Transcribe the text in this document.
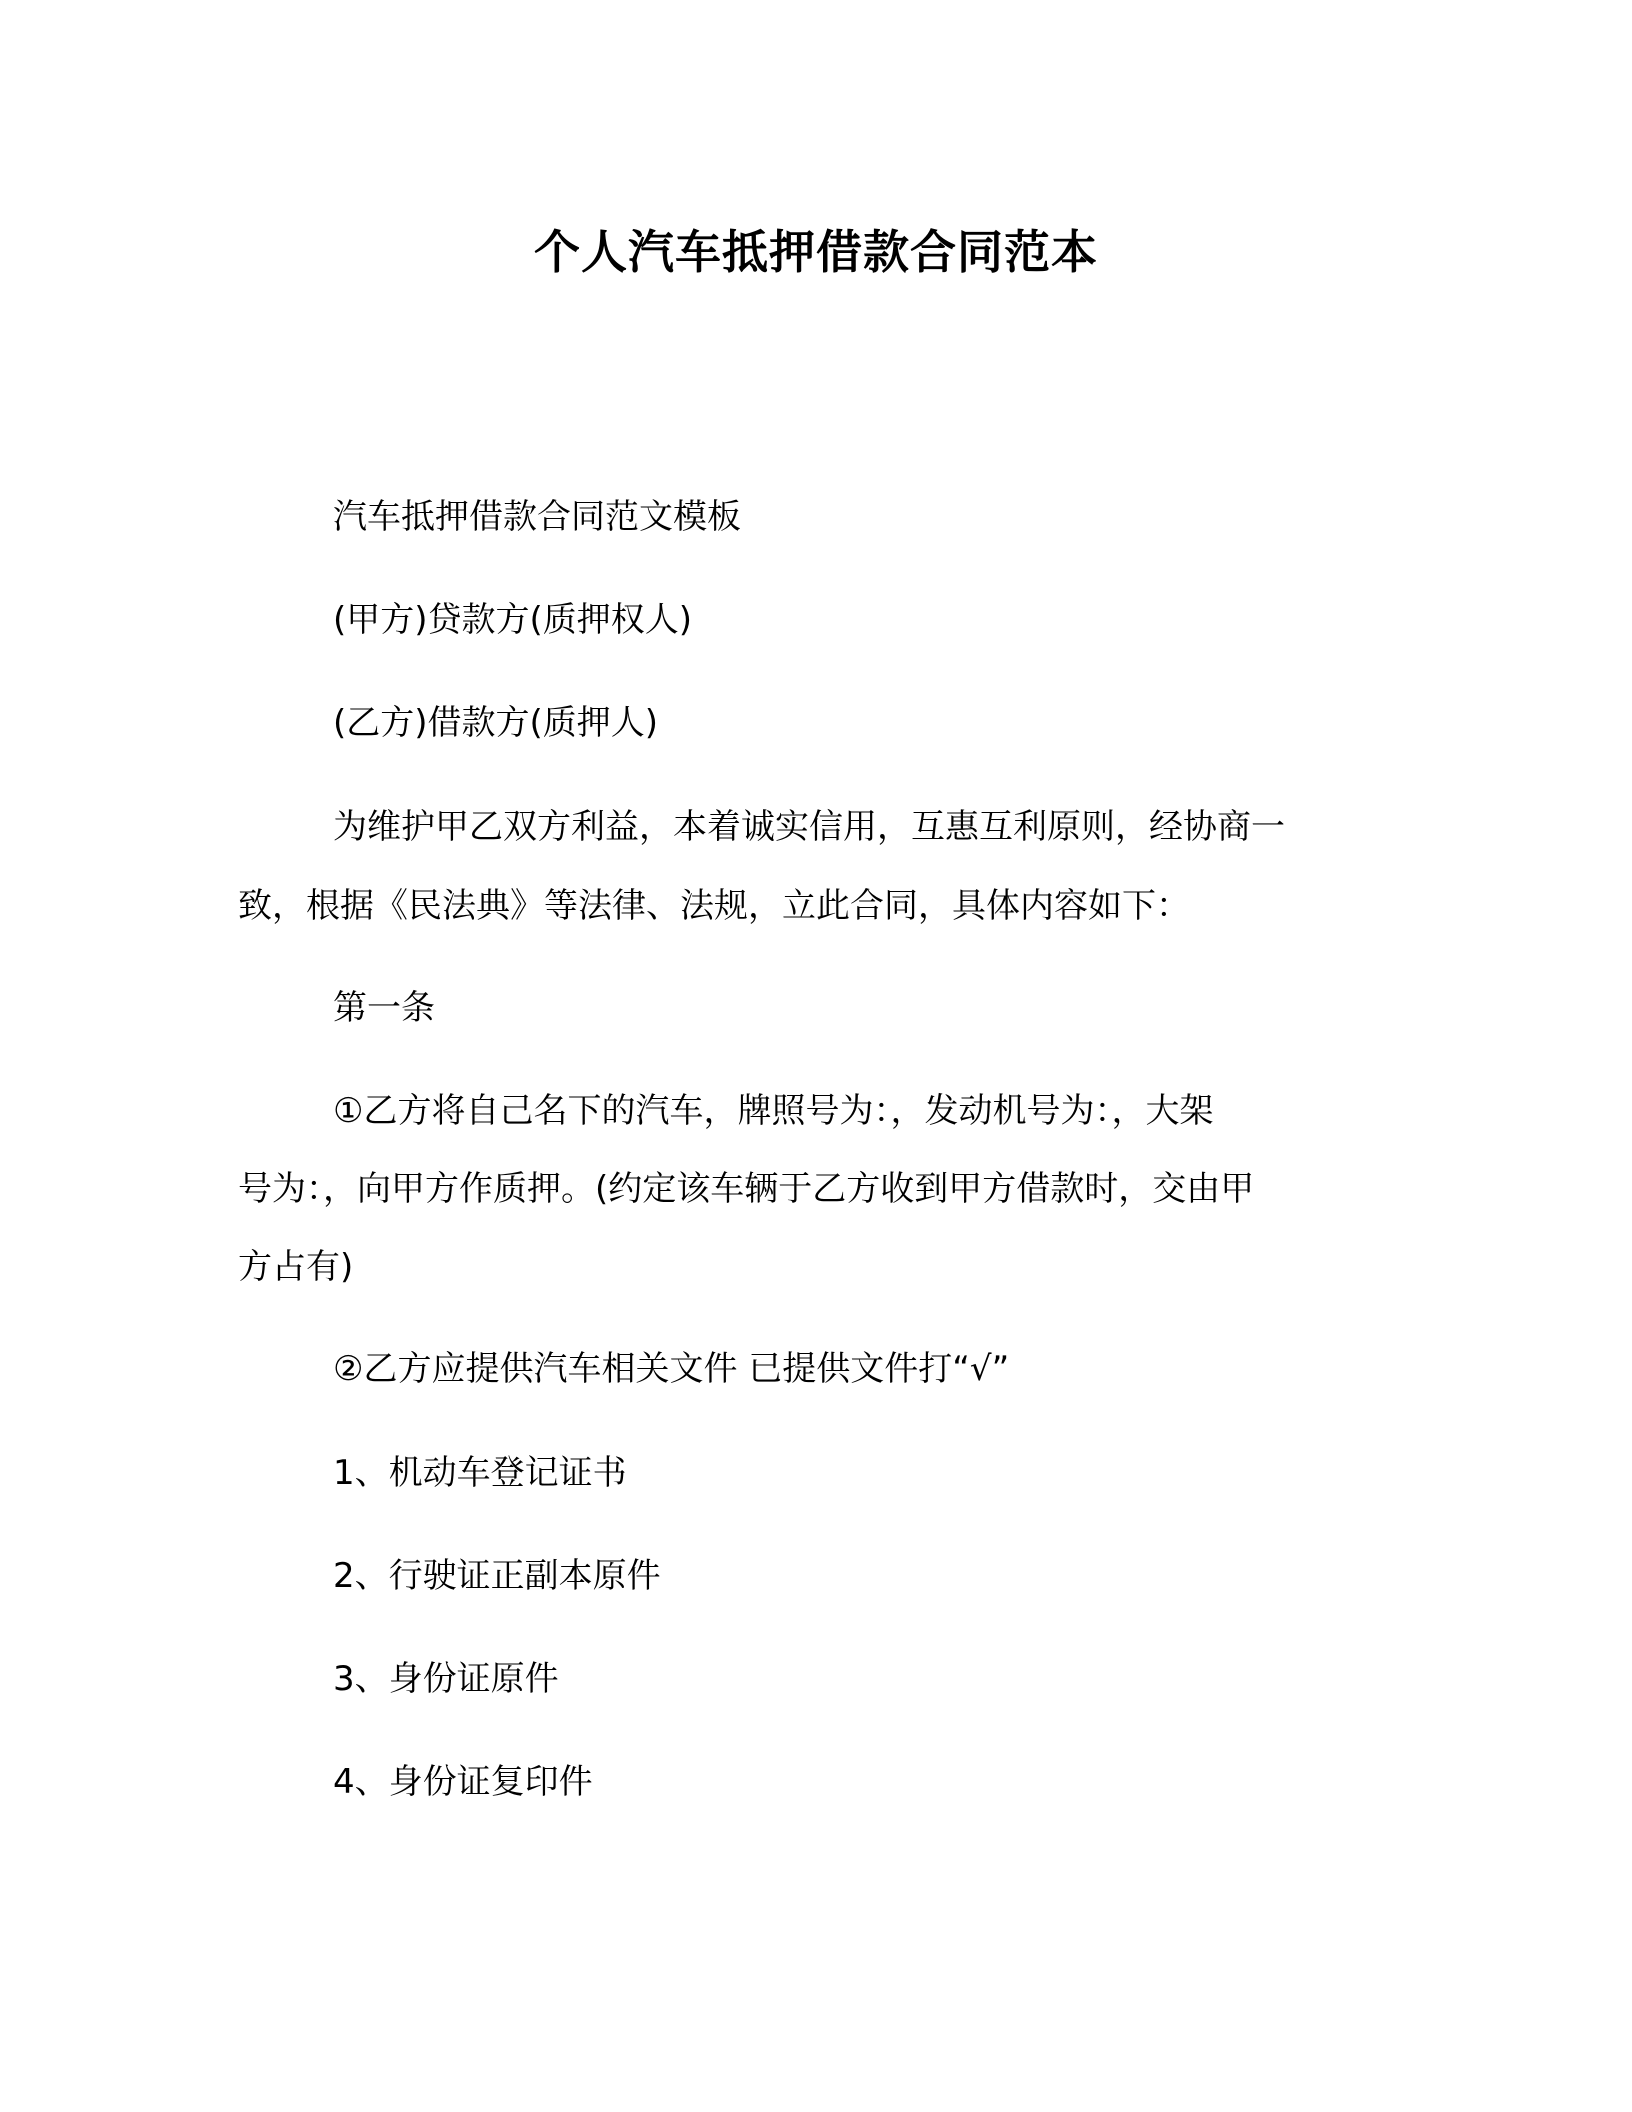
个人汽车抵押借款合同范本
汽车抵押借款合同范文模板
(甲方)贷款方(质押权人)
(乙方)借款方(质押人)
为维护甲乙双方利益，本着诚实信用，互惠互利原则，经协商一
致，根据《民法典》等法律、法规，立此合同，具体内容如下：
第一条
①乙方将自己名下的汽车，牌照号为：，发动机号为：，大架
号为：，向甲方作质押。(约定该车辆于乙方收到甲方借款时，交由甲
方占有)
②乙方应提供汽车相关文件 已提供文件打“√”
1、机动车登记证书
2、行驶证正副本原件
3、身份证原件
4、身份证复印件
